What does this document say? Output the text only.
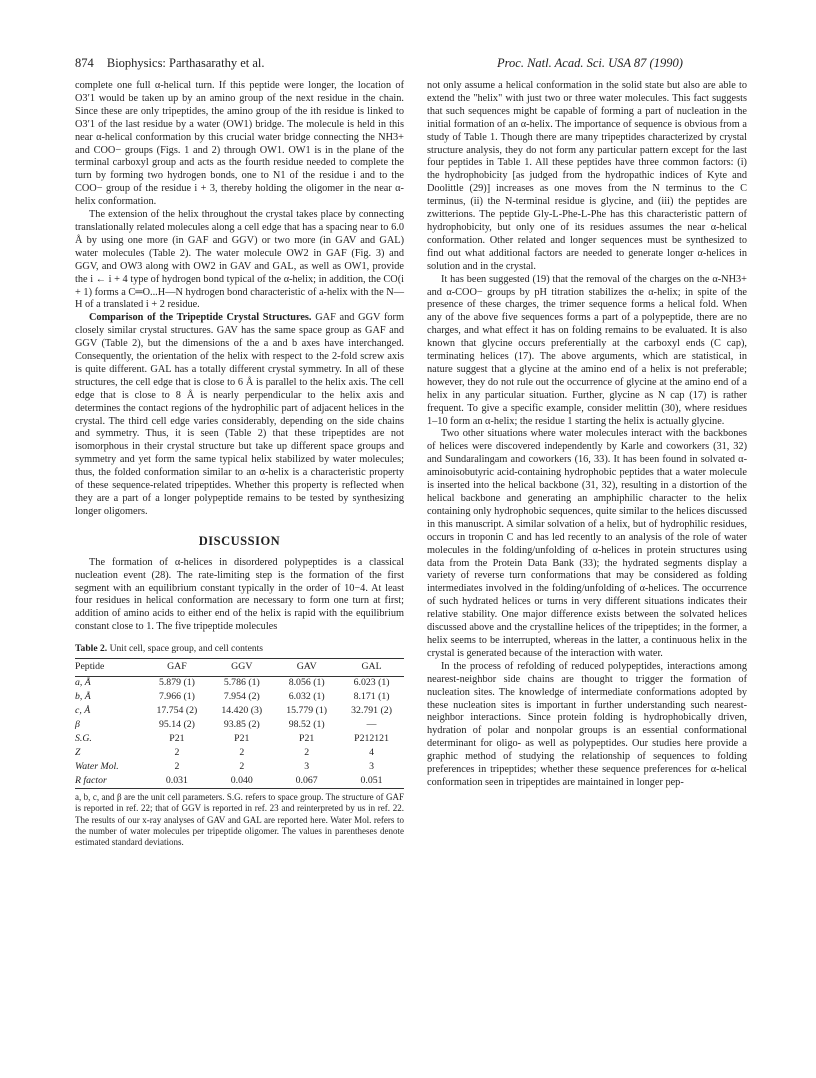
874 Biophysics: Parthasarathy et al.	Proc. Natl. Acad. Sci. USA 87 (1990)

complete one full α-helical turn. If this peptide were longer, the location of O3′1 would be taken up by an amino group of the next residue in the chain. Since these are only tripeptides, the amino group of the ith residue is linked to O3′1 of the last residue by a water (OW1) bridge. The molecule is held in this near α-helical conformation by this crucial water bridge connecting the NH3+ and COO− groups (Figs. 1 and 2) through OW1. OW1 is in the plane of the terminal carboxyl group and acts as the fourth residue needed to complete the turn by forming two hydrogen bonds, one to N1 of the residue i and to the COO− group of the residue i + 3, thereby holding the oligomer in the near α-helix conformation.

The extension of the helix throughout the crystal takes place by connecting translationally related molecules along a cell edge that has a spacing near to 6.0 Å by using one more (in GAF and GGV) or two more (in GAV and GAL) water molecules (Table 2). The water molecule OW2 in GAF (Fig. 3) and GGV, and OW3 along with OW2 in GAV and GAL, as well as OW1, provide the i ← i + 4 type of hydrogen bond typical of the α-helix; in addition, the CO(i + 1) forms a C═O...H—N hydrogen bond characteristic of a-helix with the N—H of a translated i + 2 residue.

Comparison of the Tripeptide Crystal Structures. GAF and GGV form closely similar crystal structures. GAV has the same space group as GAF and GGV (Table 2), but the dimensions of the a and b axes have interchanged. Consequently, the orientation of the helix with respect to the 2-fold screw axis is quite different. GAL has a totally different crystal symmetry. In all of these structures, the cell edge that is close to 6 Å is parallel to the helix axis. The cell edge that is close to 8 Å is nearly perpendicular to the helix axis and determines the contact regions of the hydrophilic part of adjacent helices in the crystal. The third cell edge varies considerably, depending on the side chains and symmetry. Thus, it is seen (Table 2) that these tripeptides are not isomorphous in their crystal structure but take up different space groups and symmetry and yet form the same typical helix stabilized by water molecules; thus, the folded conformation similar to an α-helix is a characteristic property of these sequence-related tripeptides. Whether this property is reflected when they are a part of a longer polypeptide remains to be tested by synthesizing longer oligomers.

DISCUSSION

The formation of α-helices in disordered polypeptides is a classical nucleation event (28). The rate-limiting step is the formation of the first segment with an equilibrium constant typically in the order of 10−4. At least four residues in helical conformation are necessary to form one turn at first; addition of amino acids to either end of the helix is rapid with the equilibrium constant close to 1. The five tripeptide molecules

Table 2. Unit cell, space group, and cell contents
Peptide	GAF	GGV	GAV	GAL
a, Å	5.879 (1)	5.786 (1)	8.056 (1)	6.023 (1)
b, Å	7.966 (1)	7.954 (2)	6.032 (1)	8.171 (1)
c, Å	17.754 (2)	14.420 (3)	15.779 (1)	32.791 (2)
β	95.14 (2)	93.85 (2)	98.52 (1)	—
S.G.	P21	P21	P21	P212121
Z	2	2	2	4
Water Mol.	2	2	3	3
R factor	0.031	0.040	0.067	0.051
a, b, c, and β are the unit cell parameters. S.G. refers to space group. The structure of GAF is reported in ref. 22; that of GGV is reported in ref. 23 and reinterpreted by us in ref. 22. The results of our x-ray analyses of GAV and GAL are reported here. Water Mol. refers to the number of water molecules per tripeptide oligomer. The values in parentheses denote estimated standard deviations.

not only assume a helical conformation in the solid state but also are able to extend the "helix" with just two or three water molecules. This fact suggests that such sequences might be capable of forming a part of nucleation in the initial formation of an α-helix. The importance of sequence is obvious from a study of Table 1. Though there are many tripeptides characterized by crystal structure analysis, they do not form any particular pattern except for the last four peptides in Table 1. All these peptides have three common factors: (i) the hydrophobicity [as judged from the hydropathic indices of Kyte and Doolittle (29)] increases as one moves from the N terminus to the C terminus, (ii) the N-terminal residue is glycine, and (iii) the peptides are zwitterions. The peptide Gly-L-Phe-L-Phe has this characteristic pattern of hydrophobicity, but only one of its residues assumes the near α-helical conformation. Other related and longer sequences must be synthesized to find out what additional factors are needed to generate longer α-helices in solution and in the crystal.

It has been suggested (19) that the removal of the charges on the α-NH3+ and α-COO− groups by pH titration stabilizes the α-helix; in spite of the presence of these charges, the trimer sequence forms a helical fold. When any of the above five sequences forms a part of a polypeptide, there are no charges, and what effect it has on folding remains to be evaluated. It is also known that glycine occurs preferentially at the carboxyl ends (C cap), terminating helices (17). The above arguments, which are statistical, in nature suggest that a glycine at the amino end of a helix is not preferable; however, they do not rule out the occurrence of glycine at the amino end of a helix in any particular situation. Further, glycine as N cap (17) is rather frequent. To give a specific example, consider melittin (30), where residues 1–10 form an α-helix; the residue 1 starting the helix is actually glycine.

Two other situations where water molecules interact with the backbones of helices were discovered independently by Karle and coworkers (31, 32) and Sundaralingam and coworkers (16, 33). It has been found in solvated α-aminoisobutyric acid-containing hydrophobic peptides that a water molecule is inserted into the helical backbone (31, 32), resulting in a distortion of the helical backbone and generating an amphiphilic character to the helix containing only hydrophobic sequences, quite similar to the helices discussed in this manuscript. A similar solvation of a helix, but of hydrophilic residues, occurs in troponin C and has led recently to an analysis of the role of water molecules in the folding/unfolding of α-helices in protein structures using data from the Protein Data Bank (33); the hydrated segments display a variety of reverse turn conformations that may be considered as folding intermediates involved in the folding/unfolding of α-helices. The occurrence of such hydrated helices or turns in very different situations indicates their relative stability. One major difference exists between the solvated helices discussed above and the crystalline helices of the tripeptides; in the former, a helix seems to be interrupted, whereas in the latter, a continuous helix in the crystal is generated because of the interaction with water.

In the process of refolding of reduced polypeptides, interactions among nearest-neighbor side chains are thought to trigger the formation of nucleation sites. The knowledge of intermediate conformations adopted by these nucleation sites is important in further understanding such nearest-neighbor interactions. Since protein folding is hydrophobically driven, hydration of polar and nonpolar groups is an essential conformational determinant for oligo- as well as polypeptides. Our studies here provide a graphic method of studying the relationship of sequences to folding preferences in tripeptides; whether these sequence preferences for α-helical conformation seen in tripeptides are maintained in longer pep-
